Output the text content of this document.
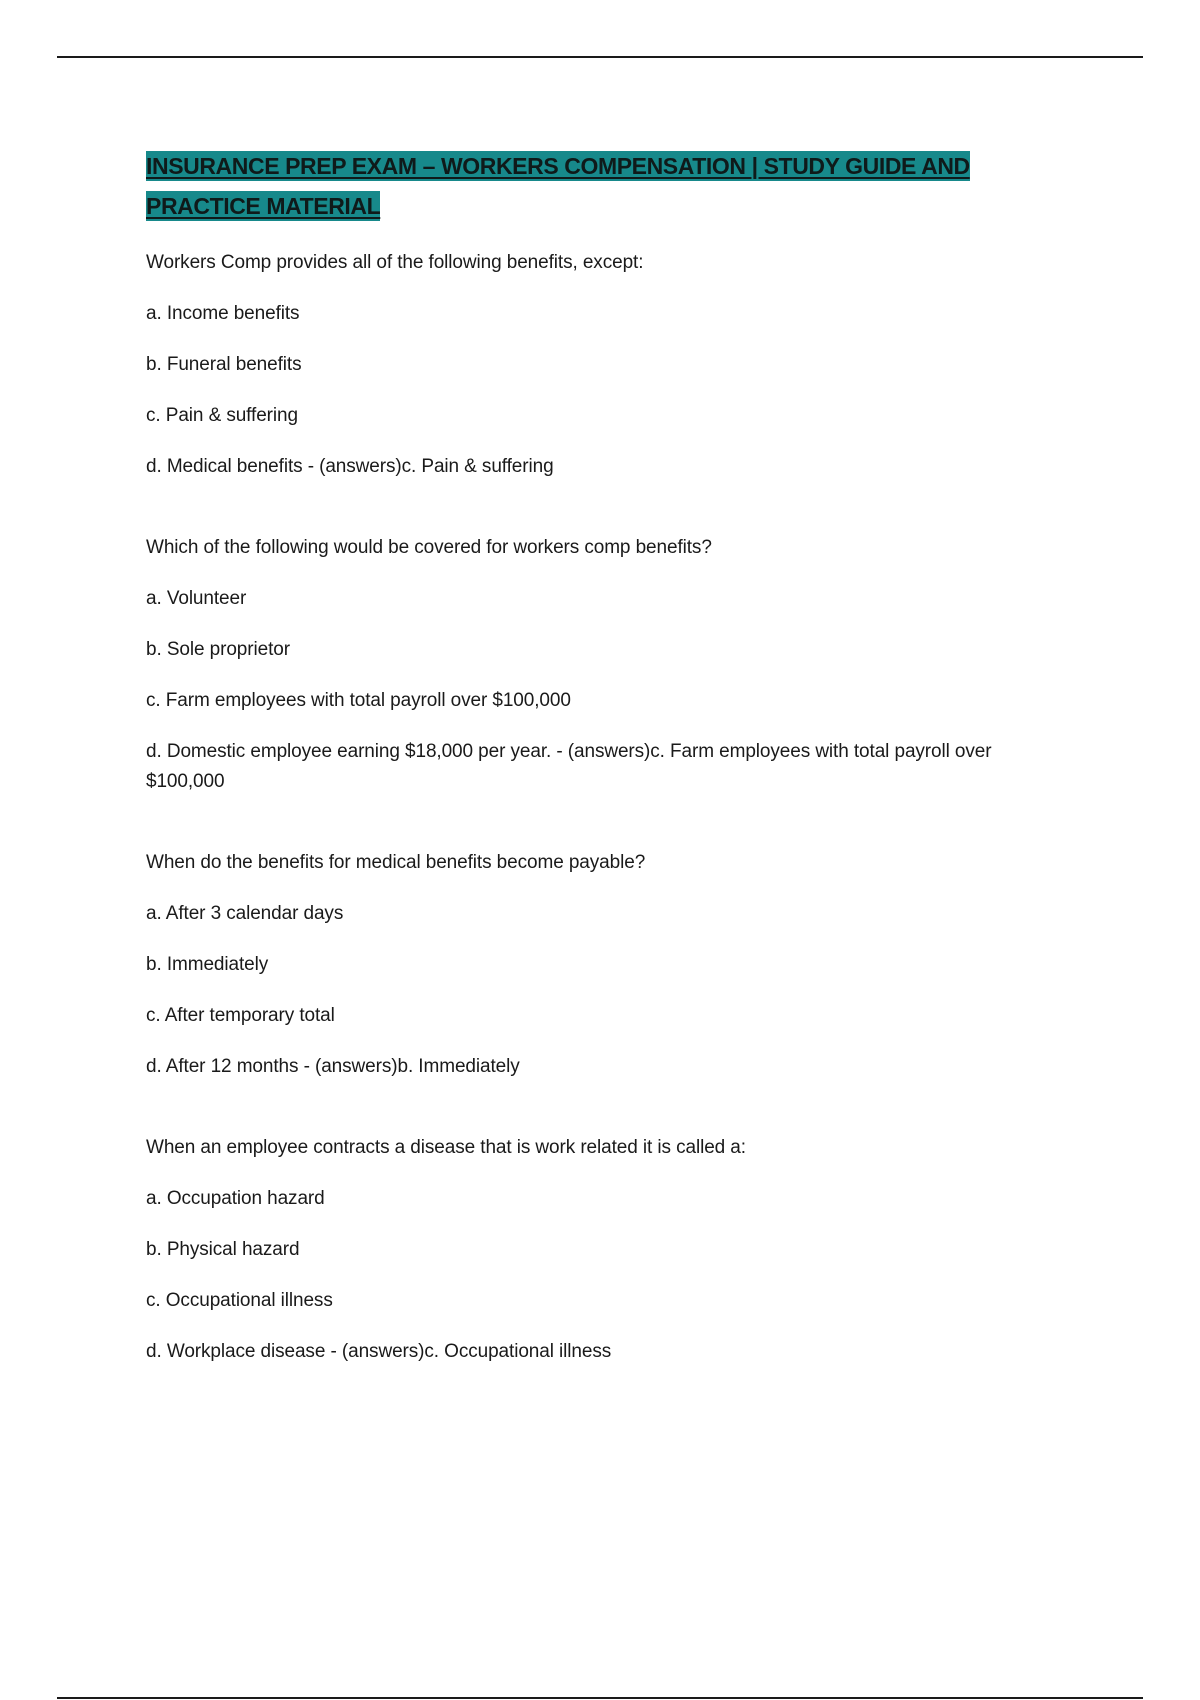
INSURANCE PREP EXAM – WORKERS COMPENSATION | STUDY GUIDE AND PRACTICE MATERIAL

Workers Comp provides all of the following benefits, except:

a. Income benefits

b. Funeral benefits

c. Pain & suffering

d. Medical benefits - (answers)c. Pain & suffering

Which of the following would be covered for workers comp benefits?

a. Volunteer

b. Sole proprietor

c. Farm employees with total payroll over $100,000

d. Domestic employee earning $18,000 per year. - (answers)c. Farm employees with total payroll over $100,000

When do the benefits for medical benefits become payable?

a. After 3 calendar days

b. Immediately

c. After temporary total

d. After 12 months - (answers)b. Immediately

When an employee contracts a disease that is work related it is called a:

a. Occupation hazard

b. Physical hazard

c. Occupational illness

d. Workplace disease - (answers)c. Occupational illness
